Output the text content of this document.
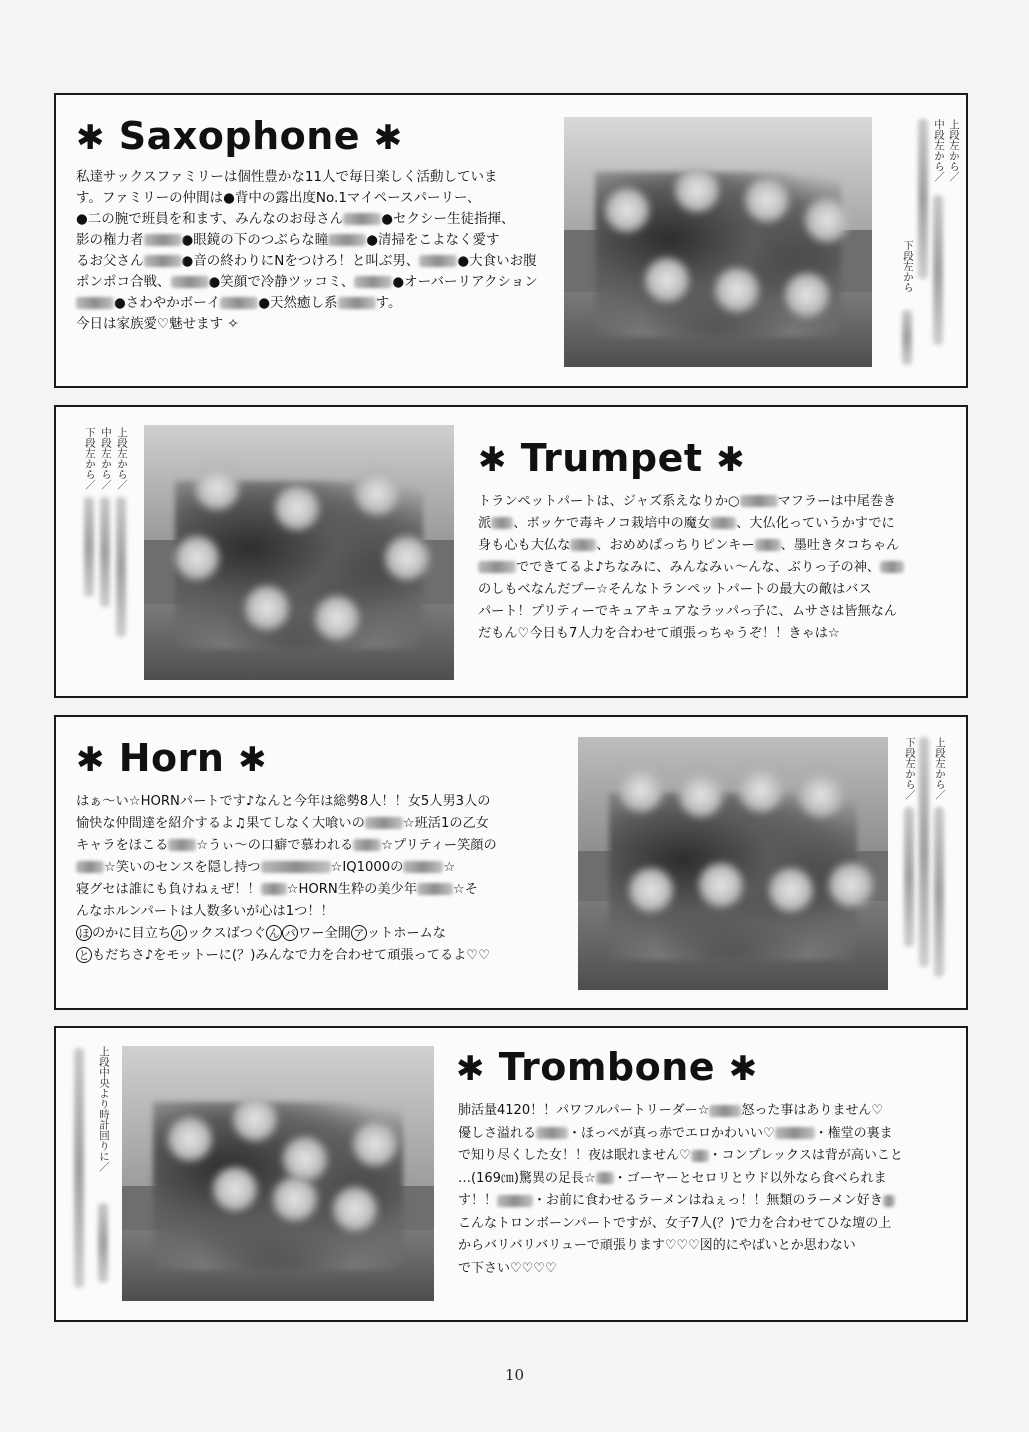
✱ Saxophone ✱

私達サックスファミリーは個性豊かな11人で毎日楽しく活動していま

す。ファミリーの仲間は●背中の露出度No.1マイペースパーリー、

●二の腕で班員を和ます、みんなのお母さん	●セクシー生徒指揮、

影の権力者	●眼鏡の下のつぶらな瞳	●清掃をこよなく愛す

るお父さん	●音の終わりにNをつけろ！と叫ぶ男、	●大食いお腹

ポンポコ合戦、	●笑顔で冷静ツッコミ、	●オーバーリアクション

●さわやかボーイ	●天然癒し系	す。

今日は家族愛♡魅せます ✧

上段左から／
中段左から／
下段左から
上段左から／
中段左から／
下段左から／	✱ Trumpet ✱

トランペットパートは、ジャズ系えなりか○	マフラーは中尾巻き

派 、ボッケで毒キノコ栽培中の魔女 、大仏化っていうかすでに

身も心も大仏な 、おめめぱっちりピンキー 、墨吐きタコちゃん

でできてるよ♪ちなみに、みんなみぃ～んな、ぶりっ子の神、

のしもべなんだプー☆そんなトランペットパートの最大の敵はバス

パート！プリティーでキュアキュアなラッパっ子に、ムサさは皆無なん

だもん♡今日も7人力を合わせて頑張っちゃうぞ！！きゃは☆

✱ Horn ✱

はぁ～い☆HORNパートです♪なんと今年は総勢8人！！女5人男3人の

愉快な仲間達を紹介するよ♫果てしなく大喰いの	☆班活1の乙女

キャラをほこる ☆うぃ～の口癖で慕われる ☆プリティー笑顔の

☆笑いのセンスを隠し持つ	☆IQ1000の	☆

寝グセは誰にも負けねぇぜ！！ ☆HORN生粋の美少年	☆そ

んなホルンパートは人数多いが心は1つ！！

ほ のかに目立ち ル ックスばつぐ ん パ ワー全開 ア ットホームな

と もだちさ♪をモットーに(？)みんなで力を合わせて頑張ってるよ♡♡

上段左から／
下段左から／
上段中央より時計回りに／	✱ Trombone ✱

肺活量4120！！パワフルパートリーダー☆ 怒った事はありません♡

優しさ溢れる ・ほっぺが真っ赤でエロかわいい♡	・権堂の裏ま

で知り尽くした女！！夜は眠れません♡ ・コンプレックスは背が高いこと

…(169㎝)驚異の足長☆ ・ゴーヤーとセロリとウド以外なら食べられま

す！！	・お前に食わせるラーメンはねぇっ！！無類のラーメン好き

こんなトロンボーンパートですが、女子7人(？)で力を合わせてひな壇の上

からバリバリバリューで頑張ります♡♡♡図的にやばいとか思わない

で下さい♡♡♡♡

10
